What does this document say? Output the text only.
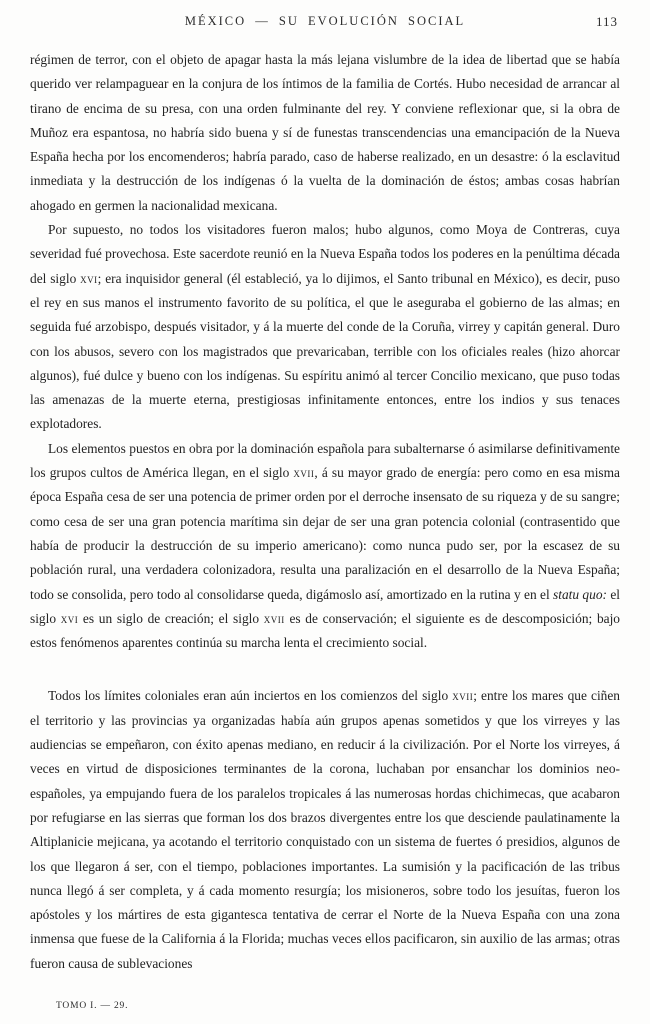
MÉXICO — SU EVOLUCIÓN SOCIAL	113

régimen de terror, con el objeto de apagar hasta la más lejana vislumbre de la idea de libertad que se había querido ver relampaguear en la conjura de los íntimos de la familia de Cortés. Hubo necesidad de arrancar al tirano de encima de su presa, con una orden fulminante del rey. Y conviene reflexionar que, si la obra de Muñoz era espantosa, no habría sido buena y sí de funestas transcendencias una emancipación de la Nueva España hecha por los encomenderos; habría parado, caso de haberse realizado, en un desastre: ó la esclavitud inmediata y la destrucción de los indígenas ó la vuelta de la dominación de éstos; ambas cosas habrían ahogado en germen la nacionalidad mexicana.

Por supuesto, no todos los visitadores fueron malos; hubo algunos, como Moya de Contreras, cuya severidad fué provechosa. Este sacerdote reunió en la Nueva España todos los poderes en la penúltima década del siglo xvi; era inquisidor general (él estableció, ya lo dijimos, el Santo tribunal en México), es decir, puso el rey en sus manos el instrumento favorito de su política, el que le aseguraba el gobierno de las almas; en seguida fué arzobispo, después visitador, y á la muerte del conde de la Coruña, virrey y capitán general. Duro con los abusos, severo con los magistrados que prevaricaban, terrible con los oficiales reales (hizo ahorcar algunos), fué dulce y bueno con los indígenas. Su espíritu animó al tercer Concilio mexicano, que puso todas las amenazas de la muerte eterna, prestigiosas infinitamente entonces, entre los indios y sus tenaces explotadores.

Los elementos puestos en obra por la dominación española para subalternarse ó asimilarse definitivamente los grupos cultos de América llegan, en el siglo xvii, á su mayor grado de energía: pero como en esa misma época España cesa de ser una potencia de primer orden por el derroche insensato de su riqueza y de su sangre; como cesa de ser una gran potencia marítima sin dejar de ser una gran potencia colonial (contrasentido que había de producir la destrucción de su imperio americano): como nunca pudo ser, por la escasez de su población rural, una verdadera colonizadora, resulta una paralización en el desarrollo de la Nueva España; todo se consolida, pero todo al consolidarse queda, digámoslo así, amortizado en la rutina y en el statu quo: el siglo xvi es un siglo de creación; el siglo xvii es de conservación; el siguiente es de descomposición; bajo estos fenómenos aparentes continúa su marcha lenta el crecimiento social.

Todos los límites coloniales eran aún inciertos en los comienzos del siglo xvii; entre los mares que ciñen el territorio y las provincias ya organizadas había aún grupos apenas sometidos y que los virreyes y las audiencias se empeñaron, con éxito apenas mediano, en reducir á la civilización. Por el Norte los virreyes, á veces en virtud de disposiciones terminantes de la corona, luchaban por ensanchar los dominios neo-españoles, ya empujando fuera de los paralelos tropicales á las numerosas hordas chichimecas, que acabaron por refugiarse en las sierras que forman los dos brazos divergentes entre los que desciende paulatinamente la Altiplanicie mejicana, ya acotando el territorio conquistado con un sistema de fuertes ó presidios, algunos de los que llegaron á ser, con el tiempo, poblaciones importantes. La sumisión y la pacificación de las tribus nunca llegó á ser completa, y á cada momento resurgía; los misioneros, sobre todo los jesuítas, fueron los apóstoles y los mártires de esta gigantesca tentativa de cerrar el Norte de la Nueva España con una zona inmensa que fuese de la California á la Florida; muchas veces ellos pacificaron, sin auxilio de las armas; otras fueron causa de sublevaciones

TOMO I. — 29.
